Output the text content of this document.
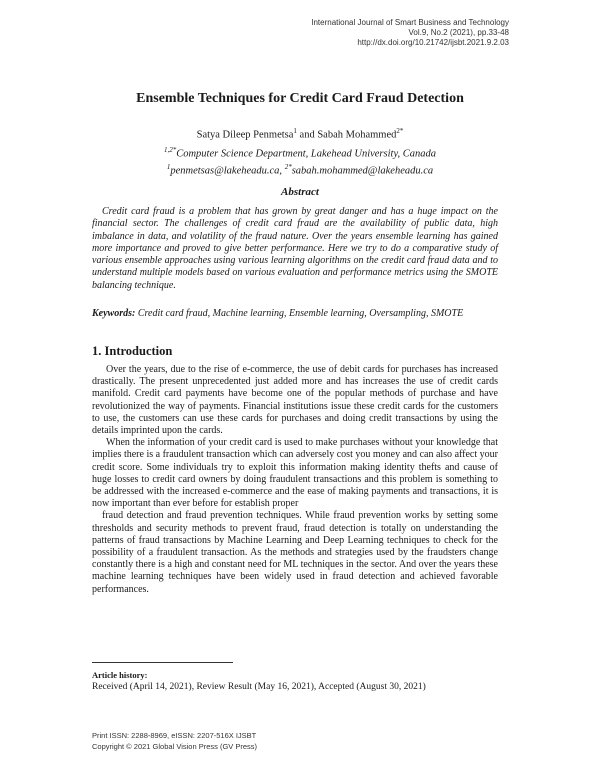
International Journal of Smart Business and Technology
Vol.9, No.2 (2021), pp.33-48
http://dx.doi.org/10.21742/ijsbt.2021.9.2.03
Ensemble Techniques for Credit Card Fraud Detection
Satya Dileep Penmetsa$^1$ and Sabah Mohammed$^{2*}$
$^{1,2*}$Computer Science Department, Lakehead University, Canada
$^1$penmetsas@lakeheadu.ca, $^{2*}$sabah.mohammed@lakeheadu.ca
Abstract

Credit card fraud is a problem that has grown by great danger and has a huge impact on the financial sector. The challenges of credit card fraud are the availability of public data, high imbalance in data, and volatility of the fraud nature. Over the years ensemble learning has gained more importance and proved to give better performance. Here we try to do a comparative study of various ensemble approaches using various learning algorithms on the credit card fraud data and to understand multiple models based on various evaluation and performance metrics using the SMOTE balancing technique.

Keywords: Credit card fraud, Machine learning, Ensemble learning, Oversampling, SMOTE

1. Introduction

Over the years, due to the rise of e-commerce, the use of debit cards for purchases has increased drastically. The present unprecedented just added more and has increases the use of credit cards manifold. Credit card payments have become one of the popular methods of purchase and have revolutionized the way of payments. Financial institutions issue these credit cards for the customers to use, the customers can use these cards for purchases and doing credit transactions by using the details imprinted upon the cards.

When the information of your credit card is used to make purchases without your knowledge that implies there is a fraudulent transaction which can adversely cost you money and can also affect your credit score. Some individuals try to exploit this information making identity thefts and cause of huge losses to credit card owners by doing fraudulent transactions and this problem is something to be addressed with the increased e-commerce and the ease of making payments and transactions, it is now important than ever before for establish proper

fraud detection and fraud prevention techniques. While fraud prevention works by setting some thresholds and security methods to prevent fraud, fraud detection is totally on understanding the patterns of fraud transactions by Machine Learning and Deep Learning techniques to check for the possibility of a fraudulent transaction. As the methods and strategies used by the fraudsters change constantly there is a high and constant need for ML techniques in the sector. And over the years these machine learning techniques have been widely used in fraud detection and achieved favorable performances.

Article history:
Received (April 14, 2021), Review Result (May 16, 2021), Accepted (August 30, 2021)
Print ISSN: 2288-8969, eISSN: 2207-516X IJSBT
Copyright © 2021 Global Vision Press (GV Press)
